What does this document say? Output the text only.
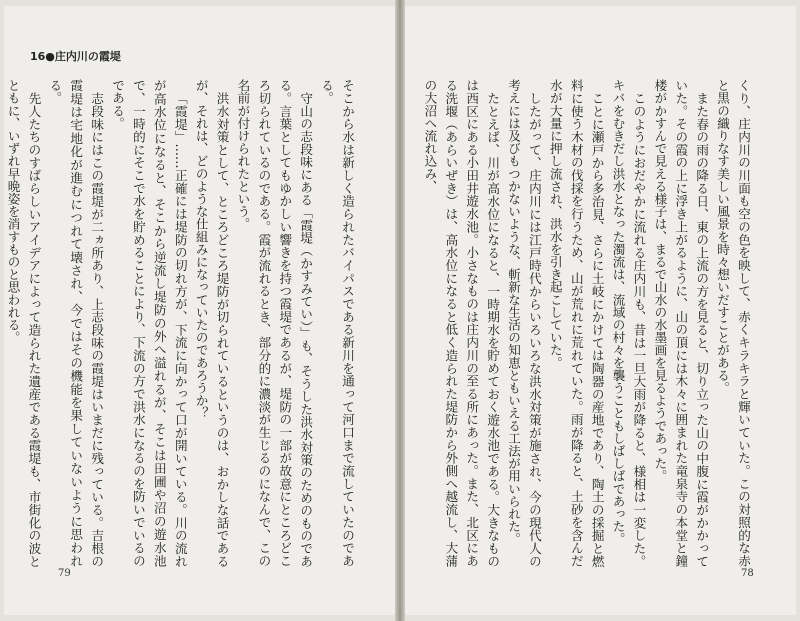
16●庄内川の霞堤

そこから水は新しく造られたバイパスである新川を通って河口まで流していたのである。

守山の志段味にある「霞堤（かすみてい）」も、そうした洪水対策のためのものである。言葉としてもゆかしい響きを持つ霞堤であるが、堤防の一部が故意にところどころ切られているのである。霞が流れるとき、部分的に濃淡が生じるのになんで、この名前が付けられたという。

洪水対策として、ところどころ堤防が切られているというのは、おかしな話であるが、それは、どのような仕組みになっていたのであろうか？

「霞堤」……正確には堤防の切れ方が、下流に向かって口が開いている。川の流れが高水位になると、そこから逆流し堤防の外へ溢れるが、そこは田圃や沼の遊水池で、一時的にそこで水を貯めることにより、下流の方で洪水になるのを防いでいるのである。

志段味にはこの霞堤が二ヵ所あり、上志段味の霞堤はいまだに残っている。吉根の霞堤は宅地化が進むにつれて壊され、今ではその機能を果していないように思われる。

先人たちのすばらしいアイデアによって造られた遺産である霞堤も、市街化の波とともに、いずれ早晩姿を消すものと思われる。

79

くり、庄内川の川面も空の色を映して、赤くキラキラと輝いていた。この対照的な赤と黒の織りなす美しい風景を時々想いだすことがある。

また春の雨の降る日、東の上流の方を見ると、切り立った山の中腹に霞がかかっていた。その霞の上に浮き上がるように、山の頂には木々に囲まれた竜泉寺の本堂と鐘楼がかすんで見える様子は、まるで山水の水墨画を見るようであった。

このようにおだやかに流れる庄内川も、昔は一旦大雨が降ると、様相は一変した。キバをむきだし洪水となった濁流は、流域の村々を襲うこともしばしばであった。

ことに瀬戸から多治見、さらに土岐にかけては陶器の産地であり、陶土の採掘と燃料に使う木材の伐採を行うため、山が荒れに荒れていた。雨が降ると、土砂を含んだ水が大量に押し流され、洪水を引き起こしていた。

したがって、庄内川には江戸時代からいろいろな洪水対策が施され、今の現代人の考えには及びもつかないような、斬新な生活の知恵ともいえる工法が用いられた。

たとえば、川が高水位になると、一時期水を貯めておく遊水池である。大きなものは西区にある小田井遊水池。小さなものは庄内川の至る所にあった。また、北区にある洗堰（あらいぜき）は、高水位になると低く造られた堤防から外側へ越流し、大蒲の大沼へ流れ込み、

78
